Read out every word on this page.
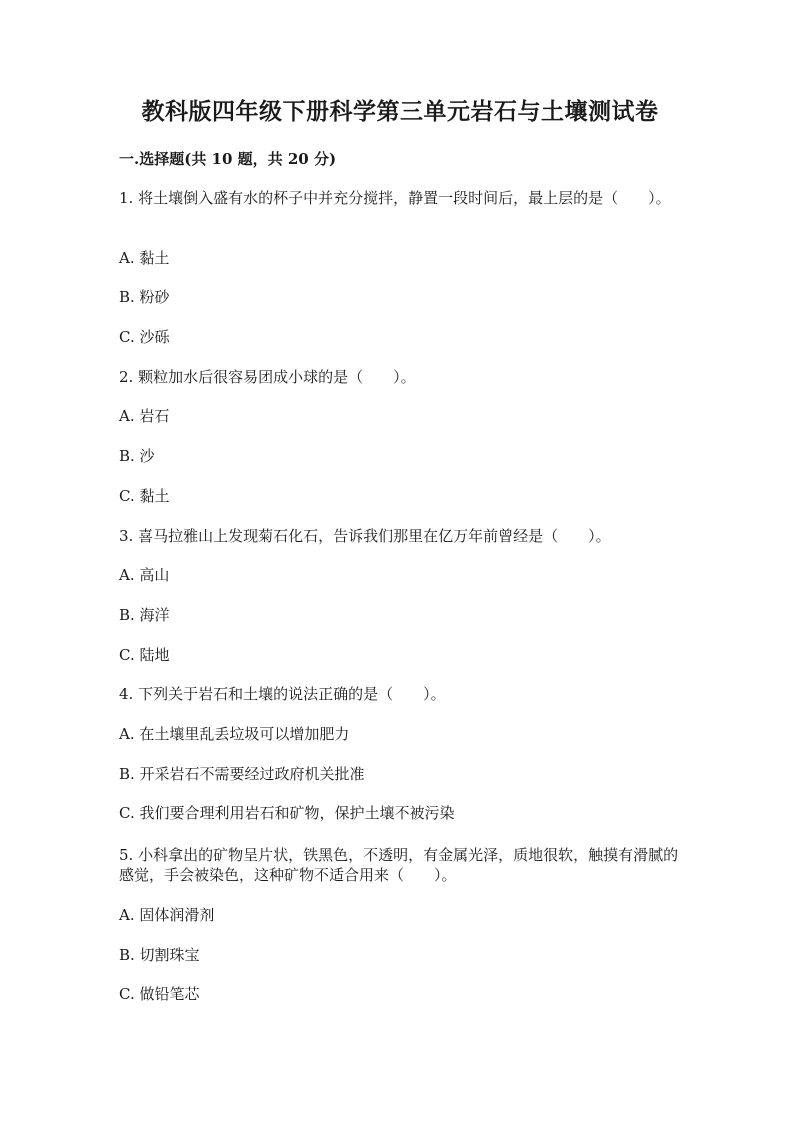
教科版四年级下册科学第三单元岩石与土壤测试卷
一.选择题(共 10 题，共 20 分)
1. 将土壤倒入盛有水的杯子中并充分搅拌，静置一段时间后，最上层的是（　　）。
A. 黏土
B. 粉砂
C. 沙砾
2. 颗粒加水后很容易团成小球的是（　　）。
A. 岩石
B. 沙
C. 黏土
3. 喜马拉雅山上发现菊石化石，告诉我们那里在亿万年前曾经是（　　）。
A. 高山
B. 海洋
C. 陆地
4. 下列关于岩石和土壤的说法正确的是（　　）。
A. 在土壤里乱丢垃圾可以增加肥力
B. 开采岩石不需要经过政府机关批准
C. 我们要合理利用岩石和矿物，保护土壤不被污染
5. 小科拿出的矿物呈片状，铁黑色，不透明，有金属光泽，质地很软，触摸有滑腻的感觉，手会被染色，这种矿物不适合用来（　　）。
A. 固体润滑剂
B. 切割珠宝
C. 做铅笔芯
